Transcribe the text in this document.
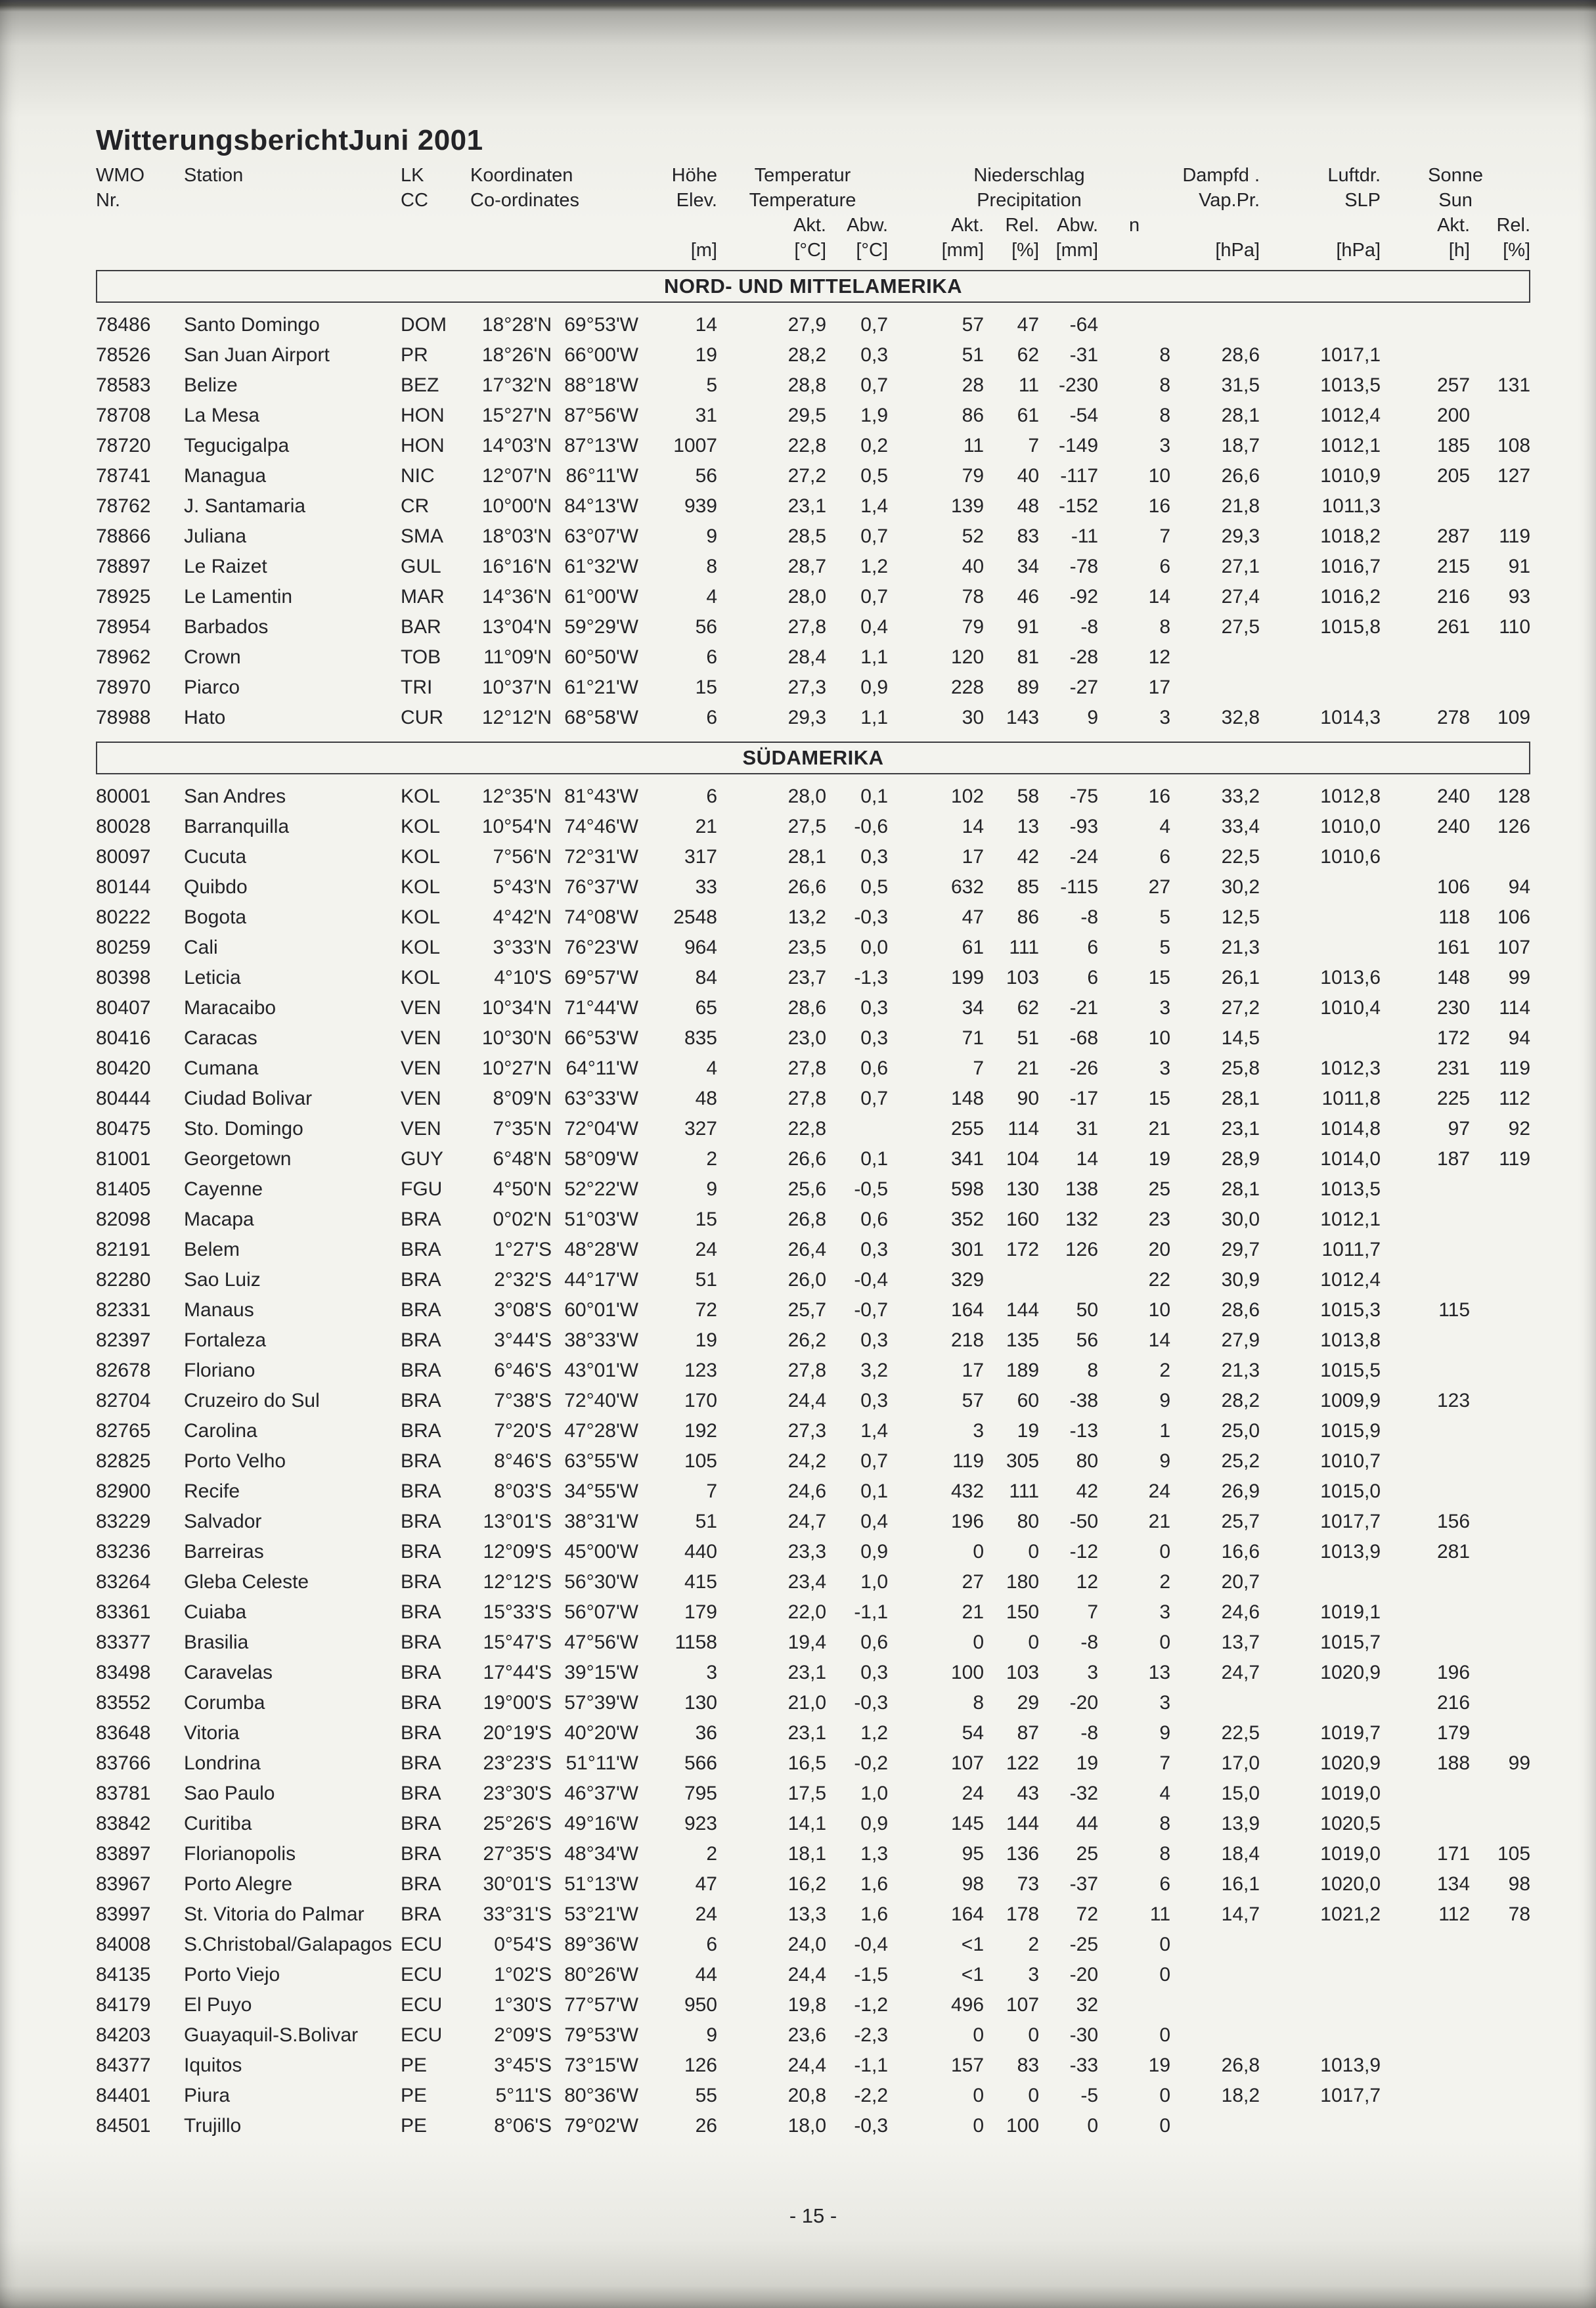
Witterungsbericht Juni 2001
WMO	Station	LK	Koordinaten		Höhe	Temperatur		Niederschlag				Dampfd .	Luftdr.	Sonne	
Nr.		CC	Co-ordinates		Elev.	Temperature		Precipitation				Vap.Pr.	SLP	Sun	
						Akt.	Abw.	Akt.	Rel.	Abw.	n			Akt.	Rel.
					[m]	[°C]	[°C]	[mm]	[%]	[mm]		[hPa]	[hPa]	[h]	[%]

NORD- UND MITTELAMERIKA															

78486	Santo Domingo	DOM	18°28'N	69°53'W	14	27,9	0,7	57	47	-64					
78526	San Juan Airport	PR	18°26'N	66°00'W	19	28,2	0,3	51	62	-31	8	28,6	1017,1		
78583	Belize	BEZ	17°32'N	88°18'W	5	28,8	0,7	28	11	-230	8	31,5	1013,5	257	131
78708	La Mesa	HON	15°27'N	87°56'W	31	29,5	1,9	86	61	-54	8	28,1	1012,4	200	
78720	Tegucigalpa	HON	14°03'N	87°13'W	1007	22,8	0,2	11	7	-149	3	18,7	1012,1	185	108
78741	Managua	NIC	12°07'N	86°11'W	56	27,2	0,5	79	40	-117	10	26,6	1010,9	205	127
78762	J. Santamaria	CR	10°00'N	84°13'W	939	23,1	1,4	139	48	-152	16	21,8	1011,3		
78866	Juliana	SMA	18°03'N	63°07'W	9	28,5	0,7	52	83	-11	7	29,3	1018,2	287	119
78897	Le Raizet	GUL	16°16'N	61°32'W	8	28,7	1,2	40	34	-78	6	27,1	1016,7	215	91
78925	Le Lamentin	MAR	14°36'N	61°00'W	4	28,0	0,7	78	46	-92	14	27,4	1016,2	216	93
78954	Barbados	BAR	13°04'N	59°29'W	56	27,8	0,4	79	91	-8	8	27,5	1015,8	261	110
78962	Crown	TOB	11°09'N	60°50'W	6	28,4	1,1	120	81	-28	12				
78970	Piarco	TRI	10°37'N	61°21'W	15	27,3	0,9	228	89	-27	17				
78988	Hato	CUR	12°12'N	68°58'W	6	29,3	1,1	30	143	9	3	32,8	1014,3	278	109

SÜDAMERIKA															

80001	San Andres	KOL	12°35'N	81°43'W	6	28,0	0,1	102	58	-75	16	33,2	1012,8	240	128
80028	Barranquilla	KOL	10°54'N	74°46'W	21	27,5	-0,6	14	13	-93	4	33,4	1010,0	240	126
80097	Cucuta	KOL	7°56'N	72°31'W	317	28,1	0,3	17	42	-24	6	22,5	1010,6		
80144	Quibdo	KOL	5°43'N	76°37'W	33	26,6	0,5	632	85	-115	27	30,2		106	94
80222	Bogota	KOL	4°42'N	74°08'W	2548	13,2	-0,3	47	86	-8	5	12,5		118	106
80259	Cali	KOL	3°33'N	76°23'W	964	23,5	0,0	61	111	6	5	21,3		161	107
80398	Leticia	KOL	4°10'S	69°57'W	84	23,7	-1,3	199	103	6	15	26,1	1013,6	148	99
80407	Maracaibo	VEN	10°34'N	71°44'W	65	28,6	0,3	34	62	-21	3	27,2	1010,4	230	114
80416	Caracas	VEN	10°30'N	66°53'W	835	23,0	0,3	71	51	-68	10	14,5		172	94
80420	Cumana	VEN	10°27'N	64°11'W	4	27,8	0,6	7	21	-26	3	25,8	1012,3	231	119
80444	Ciudad Bolivar	VEN	8°09'N	63°33'W	48	27,8	0,7	148	90	-17	15	28,1	1011,8	225	112
80475	Sto. Domingo	VEN	7°35'N	72°04'W	327	22,8		255	114	31	21	23,1	1014,8	97	92
81001	Georgetown	GUY	6°48'N	58°09'W	2	26,6	0,1	341	104	14	19	28,9	1014,0	187	119
81405	Cayenne	FGU	4°50'N	52°22'W	9	25,6	-0,5	598	130	138	25	28,1	1013,5		
82098	Macapa	BRA	0°02'N	51°03'W	15	26,8	0,6	352	160	132	23	30,0	1012,1		
82191	Belem	BRA	1°27'S	48°28'W	24	26,4	0,3	301	172	126	20	29,7	1011,7		
82280	Sao Luiz	BRA	2°32'S	44°17'W	51	26,0	-0,4	329			22	30,9	1012,4		
82331	Manaus	BRA	3°08'S	60°01'W	72	25,7	-0,7	164	144	50	10	28,6	1015,3	115	
82397	Fortaleza	BRA	3°44'S	38°33'W	19	26,2	0,3	218	135	56	14	27,9	1013,8		
82678	Floriano	BRA	6°46'S	43°01'W	123	27,8	3,2	17	189	8	2	21,3	1015,5		
82704	Cruzeiro do Sul	BRA	7°38'S	72°40'W	170	24,4	0,3	57	60	-38	9	28,2	1009,9	123	
82765	Carolina	BRA	7°20'S	47°28'W	192	27,3	1,4	3	19	-13	1	25,0	1015,9		
82825	Porto Velho	BRA	8°46'S	63°55'W	105	24,2	0,7	119	305	80	9	25,2	1010,7		
82900	Recife	BRA	8°03'S	34°55'W	7	24,6	0,1	432	111	42	24	26,9	1015,0		
83229	Salvador	BRA	13°01'S	38°31'W	51	24,7	0,4	196	80	-50	21	25,7	1017,7	156	
83236	Barreiras	BRA	12°09'S	45°00'W	440	23,3	0,9	0	0	-12	0	16,6	1013,9	281	
83264	Gleba Celeste	BRA	12°12'S	56°30'W	415	23,4	1,0	27	180	12	2	20,7			
83361	Cuiaba	BRA	15°33'S	56°07'W	179	22,0	-1,1	21	150	7	3	24,6	1019,1		
83377	Brasilia	BRA	15°47'S	47°56'W	1158	19,4	0,6	0	0	-8	0	13,7	1015,7		
83498	Caravelas	BRA	17°44'S	39°15'W	3	23,1	0,3	100	103	3	13	24,7	1020,9	196	
83552	Corumba	BRA	19°00'S	57°39'W	130	21,0	-0,3	8	29	-20	3			216	
83648	Vitoria	BRA	20°19'S	40°20'W	36	23,1	1,2	54	87	-8	9	22,5	1019,7	179	
83766	Londrina	BRA	23°23'S	51°11'W	566	16,5	-0,2	107	122	19	7	17,0	1020,9	188	99
83781	Sao Paulo	BRA	23°30'S	46°37'W	795	17,5	1,0	24	43	-32	4	15,0	1019,0		
83842	Curitiba	BRA	25°26'S	49°16'W	923	14,1	0,9	145	144	44	8	13,9	1020,5		
83897	Florianopolis	BRA	27°35'S	48°34'W	2	18,1	1,3	95	136	25	8	18,4	1019,0	171	105
83967	Porto Alegre	BRA	30°01'S	51°13'W	47	16,2	1,6	98	73	-37	6	16,1	1020,0	134	98
83997	St. Vitoria do Palmar	BRA	33°31'S	53°21'W	24	13,3	1,6	164	178	72	11	14,7	1021,2	112	78
84008	S.Christobal/Galapagos	ECU	0°54'S	89°36'W	6	24,0	-0,4	<1	2	-25	0				
84135	Porto Viejo	ECU	1°02'S	80°26'W	44	24,4	-1,5	<1	3	-20	0				
84179	El Puyo	ECU	1°30'S	77°57'W	950	19,8	-1,2	496	107	32					
84203	Guayaquil-S.Bolivar	ECU	2°09'S	79°53'W	9	23,6	-2,3	0	0	-30	0				
84377	Iquitos	PE	3°45'S	73°15'W	126	24,4	-1,1	157	83	-33	19	26,8	1013,9		
84401	Piura	PE	5°11'S	80°36'W	55	20,8	-2,2	0	0	-5	0	18,2	1017,7		
84501	Trujillo	PE	8°06'S	79°02'W	26	18,0	-0,3	0	100	0	0				
- 15 -
